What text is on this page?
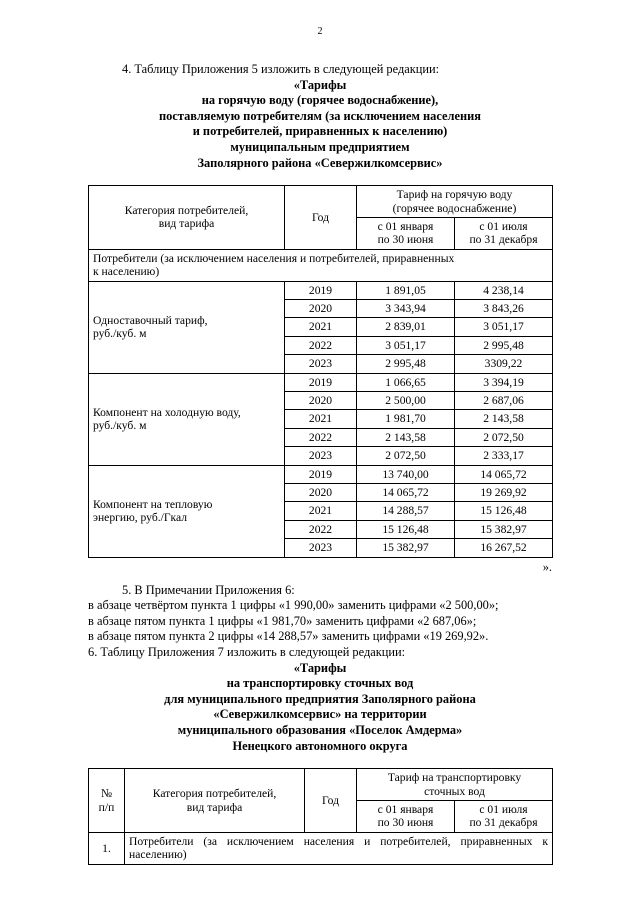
2

4. Таблицу Приложения 5 изложить в следующей редакции:

«Тарифы

на горячую воду (горячее водоснабжение),

поставляемую потребителям (за исключением населения

и потребителей, приравненных к населению)

муниципальным предприятием

Заполярного района «Севержилкомсервис»

Категория потребителей,
вид тарифа
	Год	
Тариф на горячую воду
(горячее водоснабжение)

с 01 января
по 30 июня

с 01 июля
по 31 декабря

Потребители (за исключением населения и потребителей, приравненных
к населению)			

Одноставочный тариф,
руб./куб. м	2019	1 891,05	4 238,14
	2020	3 343,94	3 843,26
	2021	2 839,01	3 051,17
	2022	3 051,17	2 995,48
	2023	2 995,48	3309,22

Компонент на холодную воду,
руб./куб. м	2019	1 066,65	3 394,19
	2020	2 500,00	2 687,06
	2021	1 981,70	2 143,58
	2022	2 143,58	2 072,50
	2023	2 072,50	2 333,17

Компонент на тепловую
энергию, руб./Гкал	2019	13 740,00	14 065,72
	2020	14 065,72	19 269,92
	2021	14 288,57	15 126,48
	2022	15 126,48	15 382,97
	2023	15 382,97	16 267,52
».

5. В Примечании Приложения 6:

в абзаце четвёртом пункта 1 цифры «1 990,00» заменить цифрами «2 500,00»;

в абзаце пятом пункта 1 цифры «1 981,70» заменить цифрами «2 687,06»;

в абзаце пятом пункта 2 цифры «14 288,57» заменить цифрами «19 269,92».

6. Таблицу Приложения 7 изложить в следующей редакции:

«Тарифы

на транспортировку сточных вод

для муниципального предприятия Заполярного района

«Севержилкомсервис» на территории

муниципального образования «Поселок Амдерма»

Ненецкого автономного округа

№
п/п

Категория потребителей,
вид тарифа
	Год	
Тариф на транспортировку
сточных вод

с 01 января
по 30 июня

с 01 июля
по 31 декабря

1.	Потребители (за исключением населения и потребителей, приравненных к населению)			
